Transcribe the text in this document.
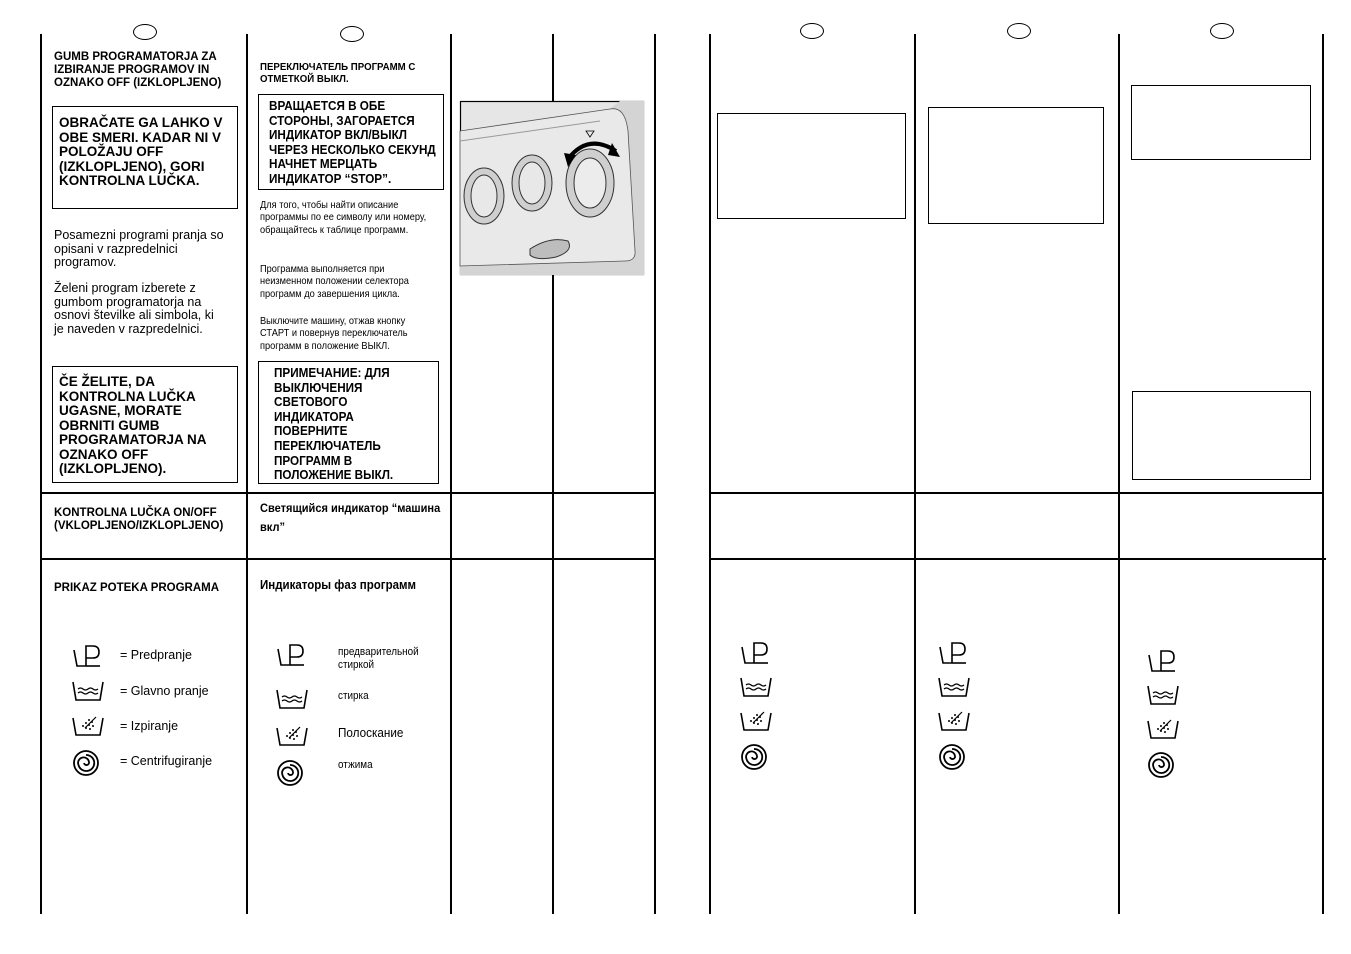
GUMB PROGRAMATORJA ZA IZBIRANJE PROGRAMOV IN OZNAKO OFF (IZKLOPLJENO)
OBRAČATE GA LAHKO V OBE SMERI. KADAR NI V POLOŽAJU OFF (IZKLOPLJENO), GORI KONTROLNA LUČKA.
Posamezni programi pranja so opisani v razpredelnici programov.
Želeni program izberete z gumbom programatorja na osnovi številke ali simbola, ki je naveden v razpredelnici.
ČE ŽELITE, DA KONTROLNA LUČKA UGASNE, MORATE OBRNITI GUMB PROGRAMATORJA NA OZNAKO OFF (IZKLOPLJENO).
KONTROLNA LUČKA ON/OFF (VKLOPLJENO/IZKLOPLJENO)
PRIKAZ POTEKA PROGRAMA
= Predpranje
= Glavno pranje
= Izpiranje
= Centrifugiranje
ПЕРЕКЛЮЧАТЕЛЬ ПРОГРАММ С ОТМЕТКОЙ ВЫКЛ.
ВРАЩАЕТСЯ В ОБЕ СТОРОНЫ, ЗАГОРАЕТСЯ ИНДИКАТОР ВКЛ/ВЫКЛ ЧЕРЕЗ НЕСКОЛЬКО СЕКУНД НАЧНЕТ МЕРЦАТЬ ИНДИКАТОР “STOP”.
Для того, чтобы найти описание программы по ее символу или номеру, обращайтесь к таблице программ.
Программа выполняется при неизменном положении селектора программ до завершения цикла.
Выключите машину, отжав кнопку СТАРТ и повернув переключатель программ в положение ВЫКЛ.
ПРИМЕЧАНИЕ: ДЛЯ ВЫКЛЮЧЕНИЯ СВЕТОВОГО ИНДИКАТОРА ПОВЕРНИТЕ ПЕРЕКЛЮЧАТЕЛЬ ПРОГРАММ В ПОЛОЖЕНИЕ ВЫКЛ.
Светящийся индикатор “машина вкл”
Индикаторы фаз программ
предварительной стиркой
стирка
Полоскание
отжима
